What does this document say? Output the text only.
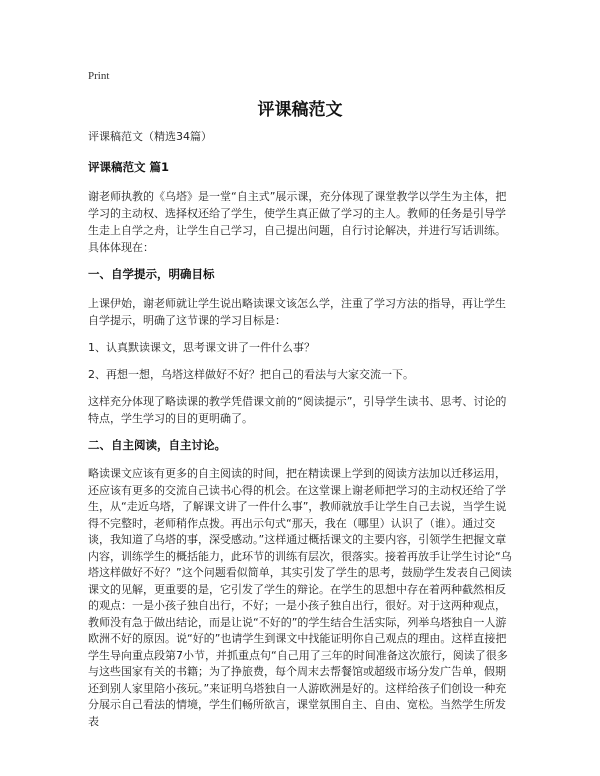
Print
评课稿范文

评课稿范文（精选34篇）

评课稿范文 篇1

谢老师执教的《乌塔》是一堂“自主式”展示课，充分体现了课堂教学以学生为主体，把学习的主动权、选择权还给了学生，使学生真正做了学习的主人。教师的任务是引导学生走上自学之舟，让学生自己学习，自己提出问题，自行讨论解决，并进行写话训练。具体体现在：

一、自学提示，明确目标

上课伊始，谢老师就让学生说出略读课文该怎么学，注重了学习方法的指导，再让学生自学提示，明确了这节课的学习目标是：

1、认真默读课文，思考课文讲了一件什么事？

2、再想一想，乌塔这样做好不好？把自己的看法与大家交流一下。

这样充分体现了略读课的教学凭借课文前的“阅读提示”，引导学生读书、思考、讨论的特点，学生学习的目的更明确了。

二、自主阅读，自主讨论。

略读课文应该有更多的自主阅读的时间，把在精读课上学到的阅读方法加以迁移运用，还应该有更多的交流自己读书心得的机会。在这堂课上谢老师把学习的主动权还给了学生，从“走近乌塔，了解课文讲了一件什么事”，教师就放手让学生自己去说，当学生说得不完整时，老师稍作点拨。再出示句式“那天，我在（哪里）认识了（谁）。通过交谈，我知道了乌塔的事，深受感动。”这样通过概括课文的主要内容，引领学生把握文章内容，训练学生的概括能力，此环节的训练有层次，很落实。接着再放手让学生讨论“乌塔这样做好不好？”这个问题看似简单，其实引发了学生的思考，鼓励学生发表自己阅读课文的见解，更重要的是，它引发了学生的辩论。在学生的思想中存在着两种截然相反的观点：一是小孩子独自出行，不好；一是小孩子独自出行，很好。对于这两种观点，教师没有急于做出结论，而是让说“不好的”的学生结合生活实际，列举乌塔独自一人游欧洲不好的原因。说“好的”也请学生到课文中找能证明你自己观点的理由。这样直接把学生导向重点段第7小节，并抓重点句“自己用了三年的时间准备这次旅行，阅读了很多与这些国家有关的书籍；为了挣旅费，每个周末去帮餐馆或超级市场分发广告单，假期还到别人家里陪小孩玩。”来证明乌塔独自一人游欧洲是好的。这样给孩子们创设一种充分展示自己看法的情境，学生们畅所欲言，课堂氛围自主、自由、宽松。当然学生所发表
